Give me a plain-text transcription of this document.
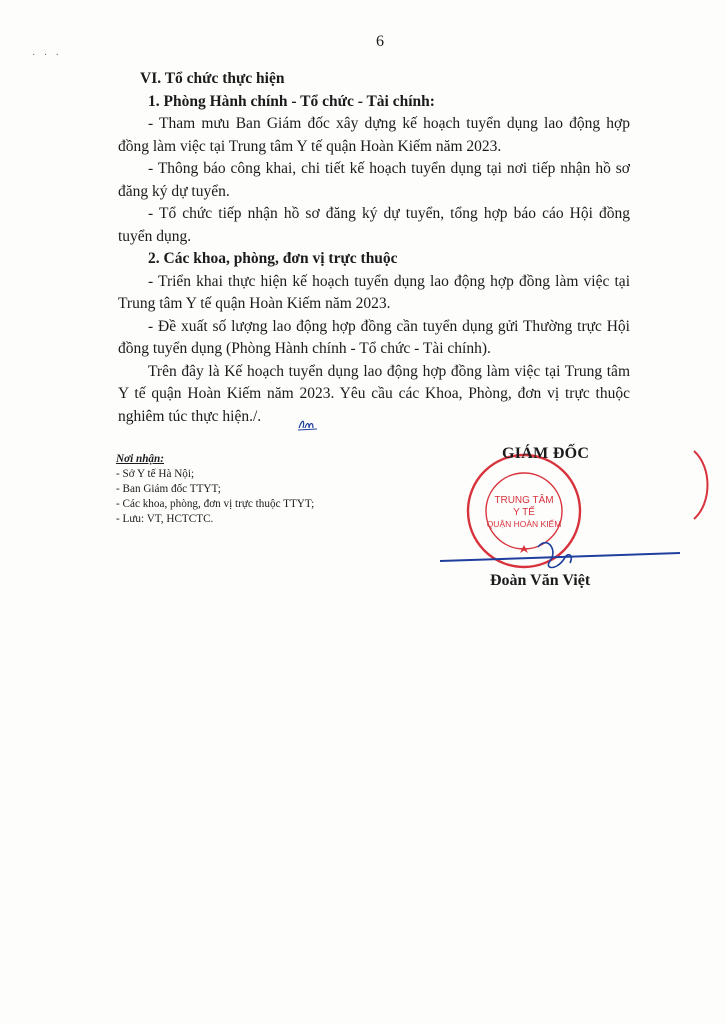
· · ·
6

VI. Tổ chức thực hiện

1. Phòng Hành chính - Tổ chức - Tài chính:

- Tham mưu Ban Giám đốc xây dựng kế hoạch tuyển dụng lao động hợp đồng làm việc tại Trung tâm Y tế quận Hoàn Kiếm năm 2023.

- Thông báo công khai, chi tiết kế hoạch tuyển dụng tại nơi tiếp nhận hồ sơ đăng ký dự tuyển.

- Tổ chức tiếp nhận hồ sơ đăng ký dự tuyển, tổng hợp báo cáo Hội đồng tuyển dụng.

2. Các khoa, phòng, đơn vị trực thuộc

- Triển khai thực hiện kế hoạch tuyển dụng lao động hợp đồng làm việc tại Trung tâm Y tế quận Hoàn Kiếm năm 2023.

- Đề xuất số lượng lao động hợp đồng cần tuyển dụng gửi Thường trực Hội đồng tuyển dụng (Phòng Hành chính - Tổ chức - Tài chính).

Trên đây là Kế hoạch tuyển dụng lao động hợp đồng làm việc tại Trung tâm Y tế quận Hoàn Kiếm năm 2023. Yêu cầu các Khoa, Phòng, đơn vị trực thuộc nghiêm túc thực hiện./.

Nơi nhận:
- Sở Y tế Hà Nội;
- Ban Giám đốc TTYT;
- Các khoa, phòng, đơn vị trực thuộc TTYT;
- Lưu: VT, HCTCTC.
TRUNG TÂM
Y TẾ
QUẬN HOÀN KIẾM
GIÁM ĐỐC
Đoàn Văn Việt
